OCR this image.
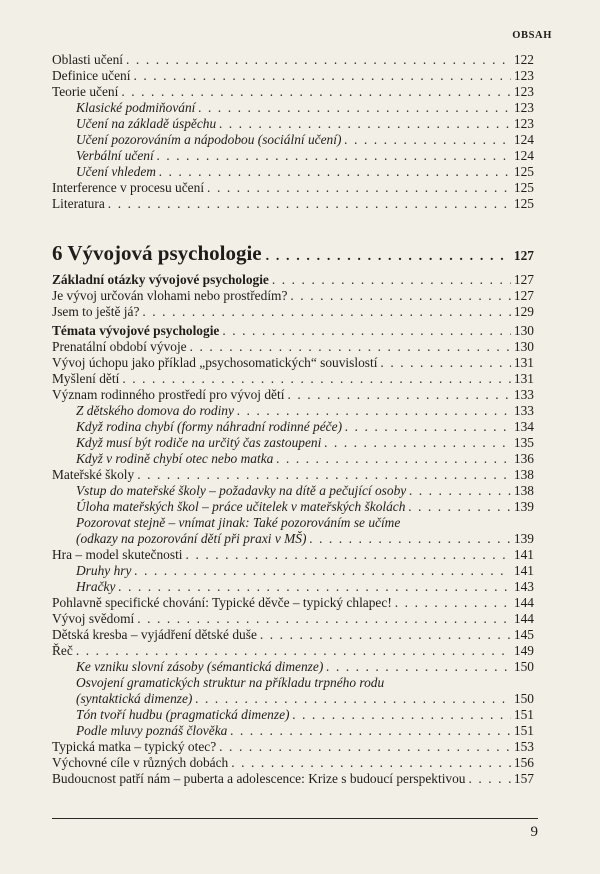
OBSAH
Oblasti učení . . .	122
Definice učení . . .	123
Teorie učení . . .	123
Klasické podmiňování . . .	123
Učení na základě úspěchu . . .	123
Učení pozorováním a nápodobou (sociální učení) . . .	124
Verbální učení . . .	124
Učení vhledem . . .	125
Interference v procesu učení . . .	125
Literatura . . .	125
6 Vývojová psychologie . . .	127
Základní otázky vývojové psychologie . . .	127
Je vývoj určován vlohami nebo prostředím? . . .	127
Jsem to ještě já? . . .	129
Témata vývojové psychologie . . .	130
Prenatální období vývoje . . .	130
Vývoj úchopu jako příklad „psychosomatických“ souvislostí . . .	131
Myšlení dětí . . .	131
Význam rodinného prostředí pro vývoj dětí . . .	133
Z dětského domova do rodiny . . .	133
Když rodina chybí (formy náhradní rodinné péče) . . .	134
Když musí být rodiče na určitý čas zastoupeni . . .	135
Když v rodině chybí otec nebo matka . . .	136
Mateřské školy . . .	138
Vstup do mateřské školy – požadavky na dítě a pečující osoby . . .	138
Úloha mateřských škol – práce učitelek v mateřských školách . . .	139
Pozorovat stejně – vnímat jinak: Také pozorováním se učíme
(odkazy na pozorování dětí při praxi v MŠ) . . .	139
Hra – model skutečnosti . . .	141
Druhy hry . . .	141
Hračky . . .	143
Pohlavně specifické chování: Typické děvče – typický chlapec! . . .	144
Vývoj svědomí . . .	144
Dětská kresba – vyjádření dětské duše . . .	145
Řeč . . .	149
Ke vzniku slovní zásoby (sémantická dimenze) . . .	150
Osvojení gramatických struktur na příkladu trpného rodu
(syntaktická dimenze) . . .	150
Tón tvoří hudbu (pragmatická dimenze) . . .	151
Podle mluvy poznáš člověka . . .	151
Typická matka – typický otec? . . .	153
Výchovné cíle v různých dobách . . .	156
Budoucnost patří nám – puberta a adolescence: Krize s budoucí perspektivou . . .	157
9
